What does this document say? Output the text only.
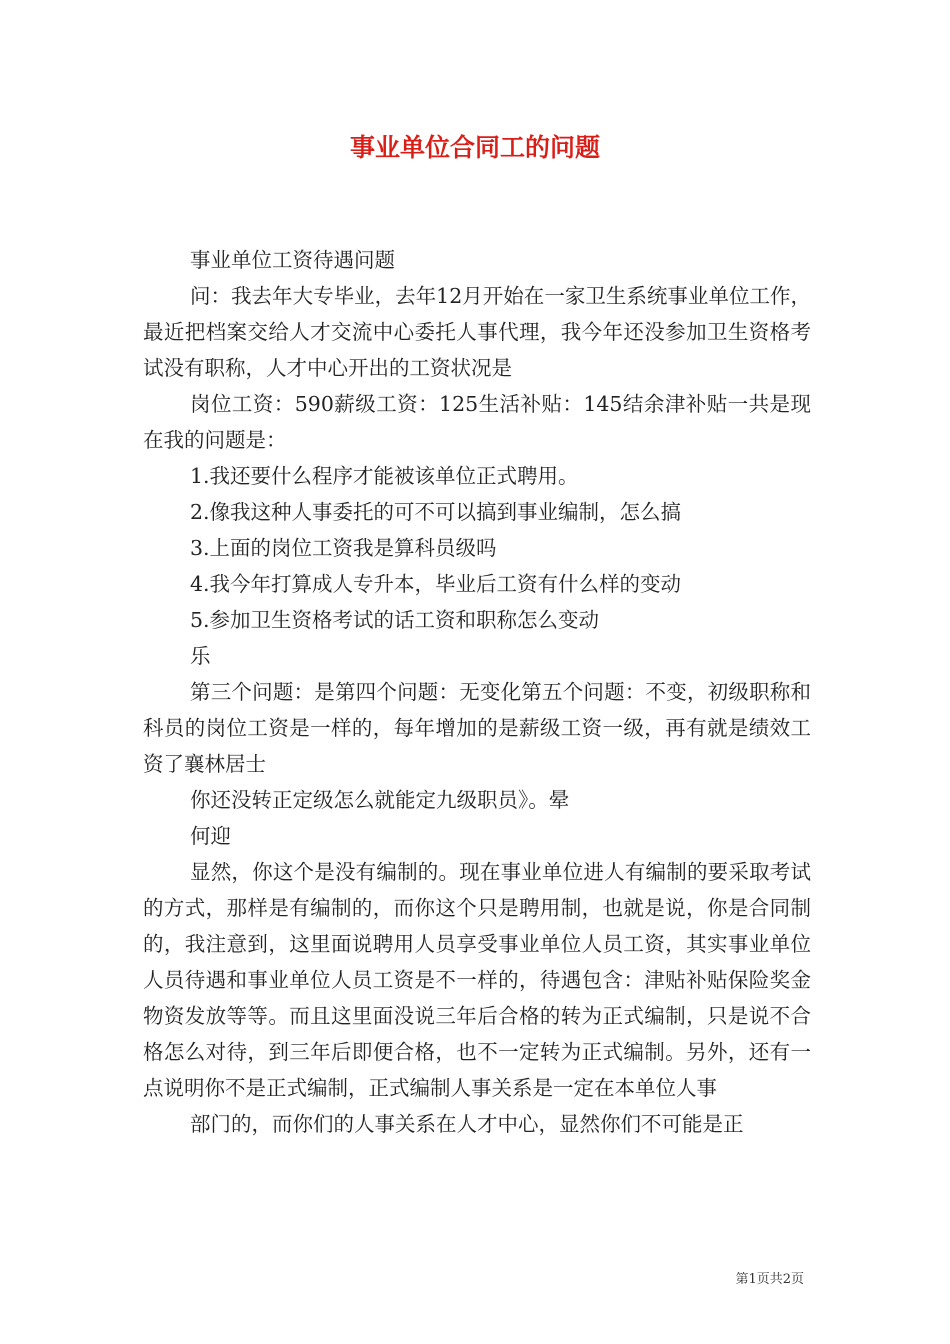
事业单位合同工的问题

事业单位工资待遇问题

问：我去年大专毕业，去年12月开始在一家卫生系统事业单位工作，最近把档案交给人才交流中心委托人事代理，我今年还没参加卫生资格考试没有职称，人才中心开出的工资状况是

岗位工资：590薪级工资：125生活补贴：145结余津补贴一共是现在我的问题是：

1.我还要什么程序才能被该单位正式聘用。

2.像我这种人事委托的可不可以搞到事业编制，怎么搞

3.上面的岗位工资我是算科员级吗

4.我今年打算成人专升本，毕业后工资有什么样的变动

5.参加卫生资格考试的话工资和职称怎么变动

乐

第三个问题：是第四个问题：无变化第五个问题：不变，初级职称和科员的岗位工资是一样的，每年增加的是薪级工资一级，再有就是绩效工资了襄林居士

你还没转正定级怎么就能定九级职员》。晕

何迎

显然，你这个是没有编制的。现在事业单位进人有编制的要采取考试的方式，那样是有编制的，而你这个只是聘用制，也就是说，你是合同制的，我注意到，这里面说聘用人员享受事业单位人员工资，其实事业单位人员待遇和事业单位人员工资是不一样的，待遇包含：津贴补贴保险奖金物资发放等等。而且这里面没说三年后合格的转为正式编制，只是说不合格怎么对待，到三年后即便合格，也不一定转为正式编制。另外，还有一点说明你不是正式编制，正式编制人事关系是一定在本单位人事

部门的，而你们的人事关系在人才中心，显然你们不可能是正

第1页共2页
